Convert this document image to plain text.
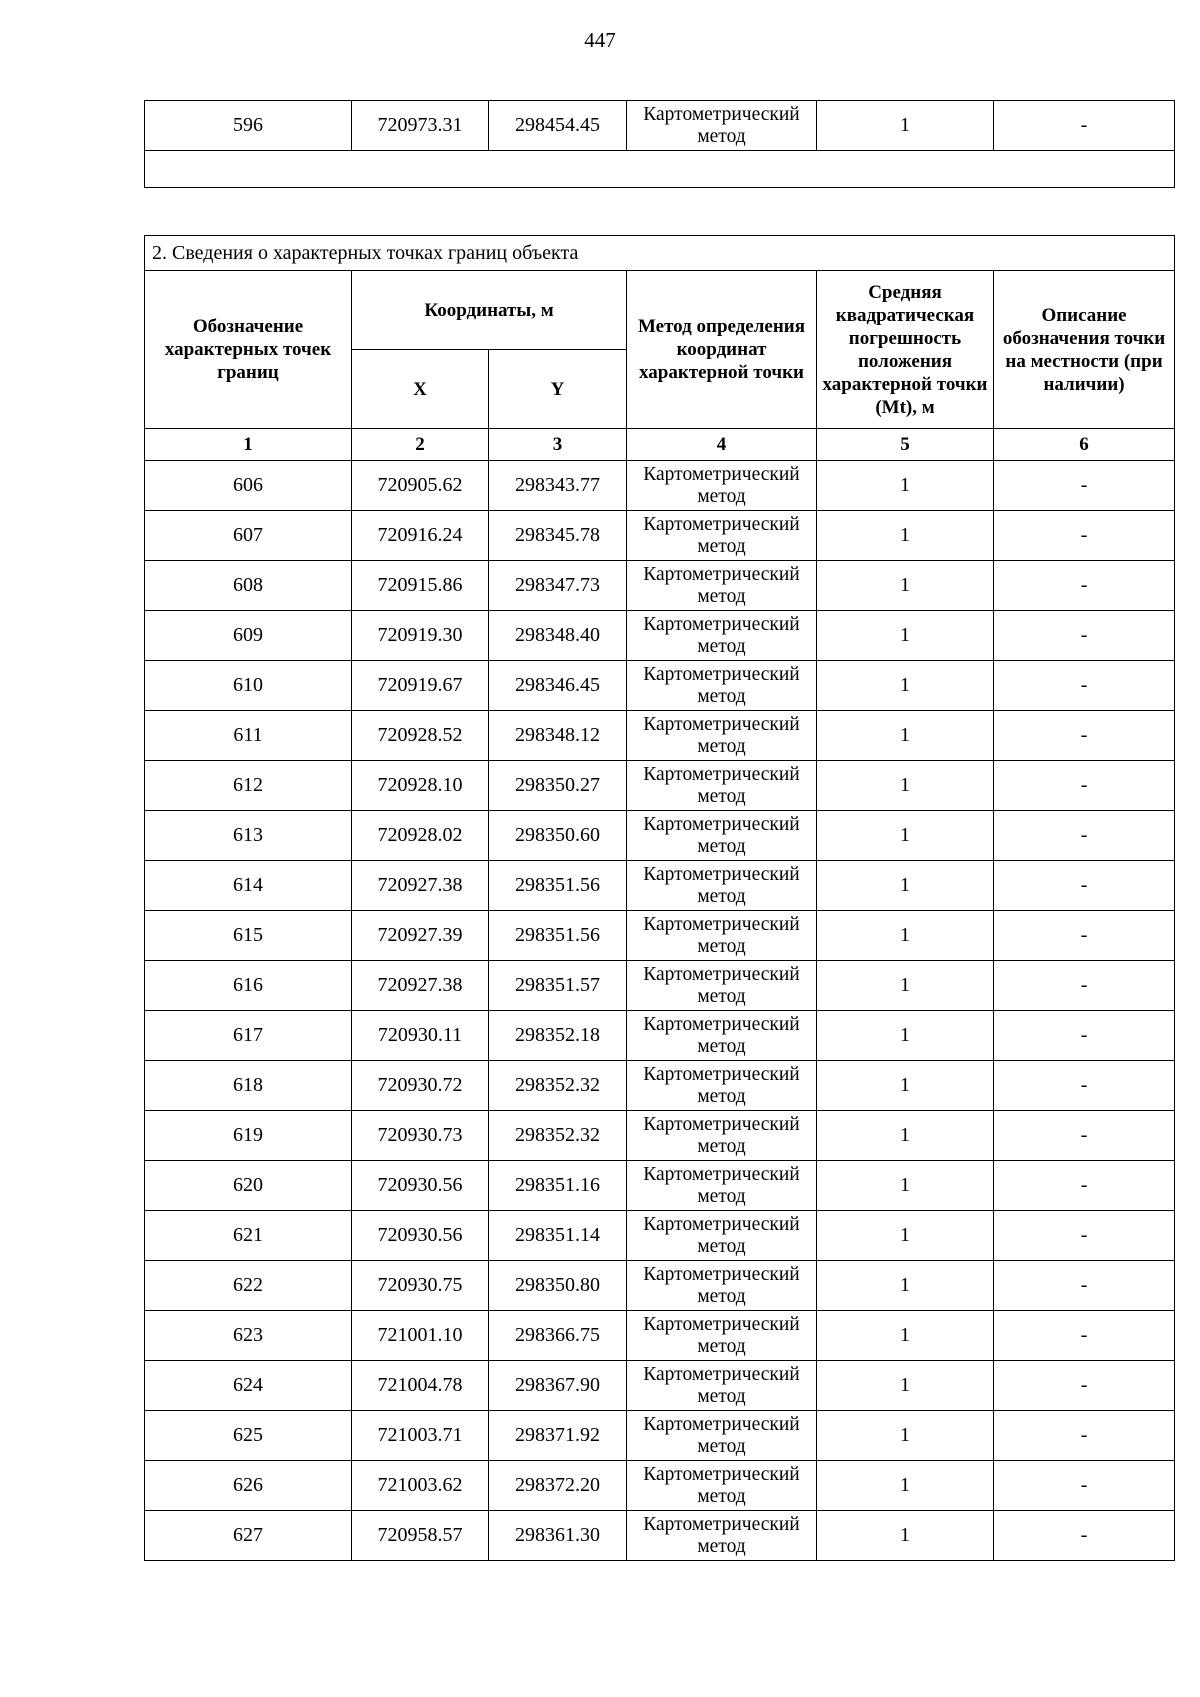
447
596	720973.31	298454.45	Картометрический метод	1	-

2. Сведения о характерных точках границ объекта					
Обозначение характерных точек границ	Координаты, м		Метод определения координат характерной точки	Средняя квадратическая погрешность положения характерной точки (Mt), м	Описание обозначения точки на местности (при наличии)
	X	Y			
1	2	3	4	5	6
606	720905.62	298343.77	Картометрический метод	1	-
607	720916.24	298345.78	Картометрический метод	1	-
608	720915.86	298347.73	Картометрический метод	1	-
609	720919.30	298348.40	Картометрический метод	1	-
610	720919.67	298346.45	Картометрический метод	1	-
611	720928.52	298348.12	Картометрический метод	1	-
612	720928.10	298350.27	Картометрический метод	1	-
613	720928.02	298350.60	Картометрический метод	1	-
614	720927.38	298351.56	Картометрический метод	1	-
615	720927.39	298351.56	Картометрический метод	1	-
616	720927.38	298351.57	Картометрический метод	1	-
617	720930.11	298352.18	Картометрический метод	1	-
618	720930.72	298352.32	Картометрический метод	1	-
619	720930.73	298352.32	Картометрический метод	1	-
620	720930.56	298351.16	Картометрический метод	1	-
621	720930.56	298351.14	Картометрический метод	1	-
622	720930.75	298350.80	Картометрический метод	1	-
623	721001.10	298366.75	Картометрический метод	1	-
624	721004.78	298367.90	Картометрический метод	1	-
625	721003.71	298371.92	Картометрический метод	1	-
626	721003.62	298372.20	Картометрический метод	1	-
627	720958.57	298361.30	Картометрический метод	1	-
